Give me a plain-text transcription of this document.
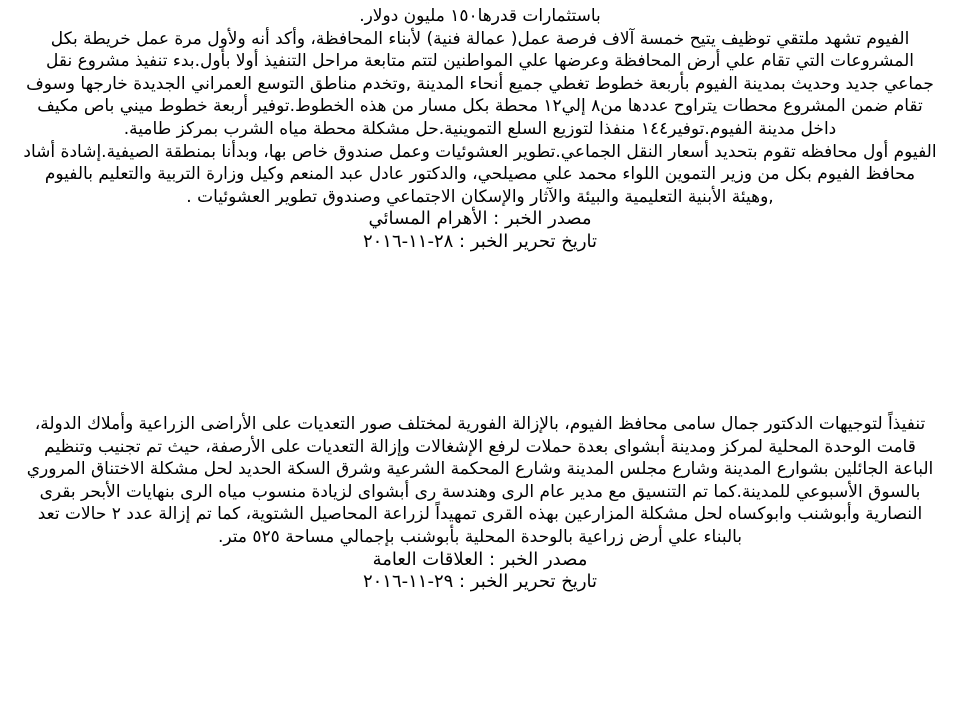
باستثمارات قدرها١٥٠ مليون دولار.

الفيوم تشهد ملتقي توظيف يتيح خمسة آلاف فرصة عمل( عمالة فنية) لأبناء المحافظة، وأكد أنه ولأول مرة عمل خريطة بكل المشروعات التي تقام علي أرض المحافظة وعرضها علي المواطنين لتتم متابعة مراحل التنفيذ أولا بأول.بدء تنفيذ مشروع نقل جماعي جديد وحديث بمدينة الفيوم بأربعة خطوط تغطي جميع أنحاء المدينة ,وتخدم مناطق التوسع العمراني الجديدة خارجها وسوف تقام ضمن المشروع محطات يتراوح عددها من٨ إلي١٢ محطة بكل مسار من هذه الخطوط.توفير أربعة خطوط ميني باص مكيف داخل مدينة الفيوم.توفير١٤٤ منفذا لتوزيع السلع التموينية.حل مشكلة محطة مياه الشرب بمركز طامية.

الفيوم أول محافظه تقوم بتحديد أسعار النقل الجماعي.تطوير العشوئيات وعمل صندوق خاص بها، وبدأنا بمنطقة الصيفية.إشادة أشاد محافظ الفيوم بكل من وزير التموين اللواء محمد علي مصيلحي، والدكتور عادل عبد المنعم وكيل وزارة التربية والتعليم بالفيوم ,وهيئة الأبنية التعليمية والبيئة والآثار والإسكان الاجتماعي وصندوق تطوير العشوئيات .

مصدر الخبر : الأهرام المسائي

تاريخ تحرير الخبر : ٢٨-١١-٢٠١٦

تنفيذاً لتوجيهات الدكتور جمال سامى محافظ الفيوم، بالإزالة الفورية لمختلف صور التعديات على الأراضى الزراعية وأملاك الدولة، قامت الوحدة المحلية لمركز ومدينة أبشواى بعدة حملات لرفع الإشغالات وإزالة التعديات على الأرصفة، حيث تم تجنيب وتنظيم الباعة الجائلين بشوارع المدينة وشارع مجلس المدينة وشارع المحكمة الشرعية وشرق السكة الحديد لحل مشكلة الاختناق المروري بالسوق الأسبوعي للمدينة.كما تم التنسيق مع مدير عام الرى وهندسة رى أبشواى لزيادة منسوب مياه الرى بنهايات الأبحر بقرى النصارية وأبوشنب وابوكساه لحل مشكلة المزارعين بهذه القرى تمهيداً لزراعة المحاصيل الشتوية، كما تم إزالة عدد ٢ حالات تعد بالبناء علي أرض زراعية بالوحدة المحلية بأبوشنب بإجمالي مساحة ٥٢٥ متر.

مصدر الخبر : العلاقات العامة

تاريخ تحرير الخبر : ٢٩-١١-٢٠١٦
